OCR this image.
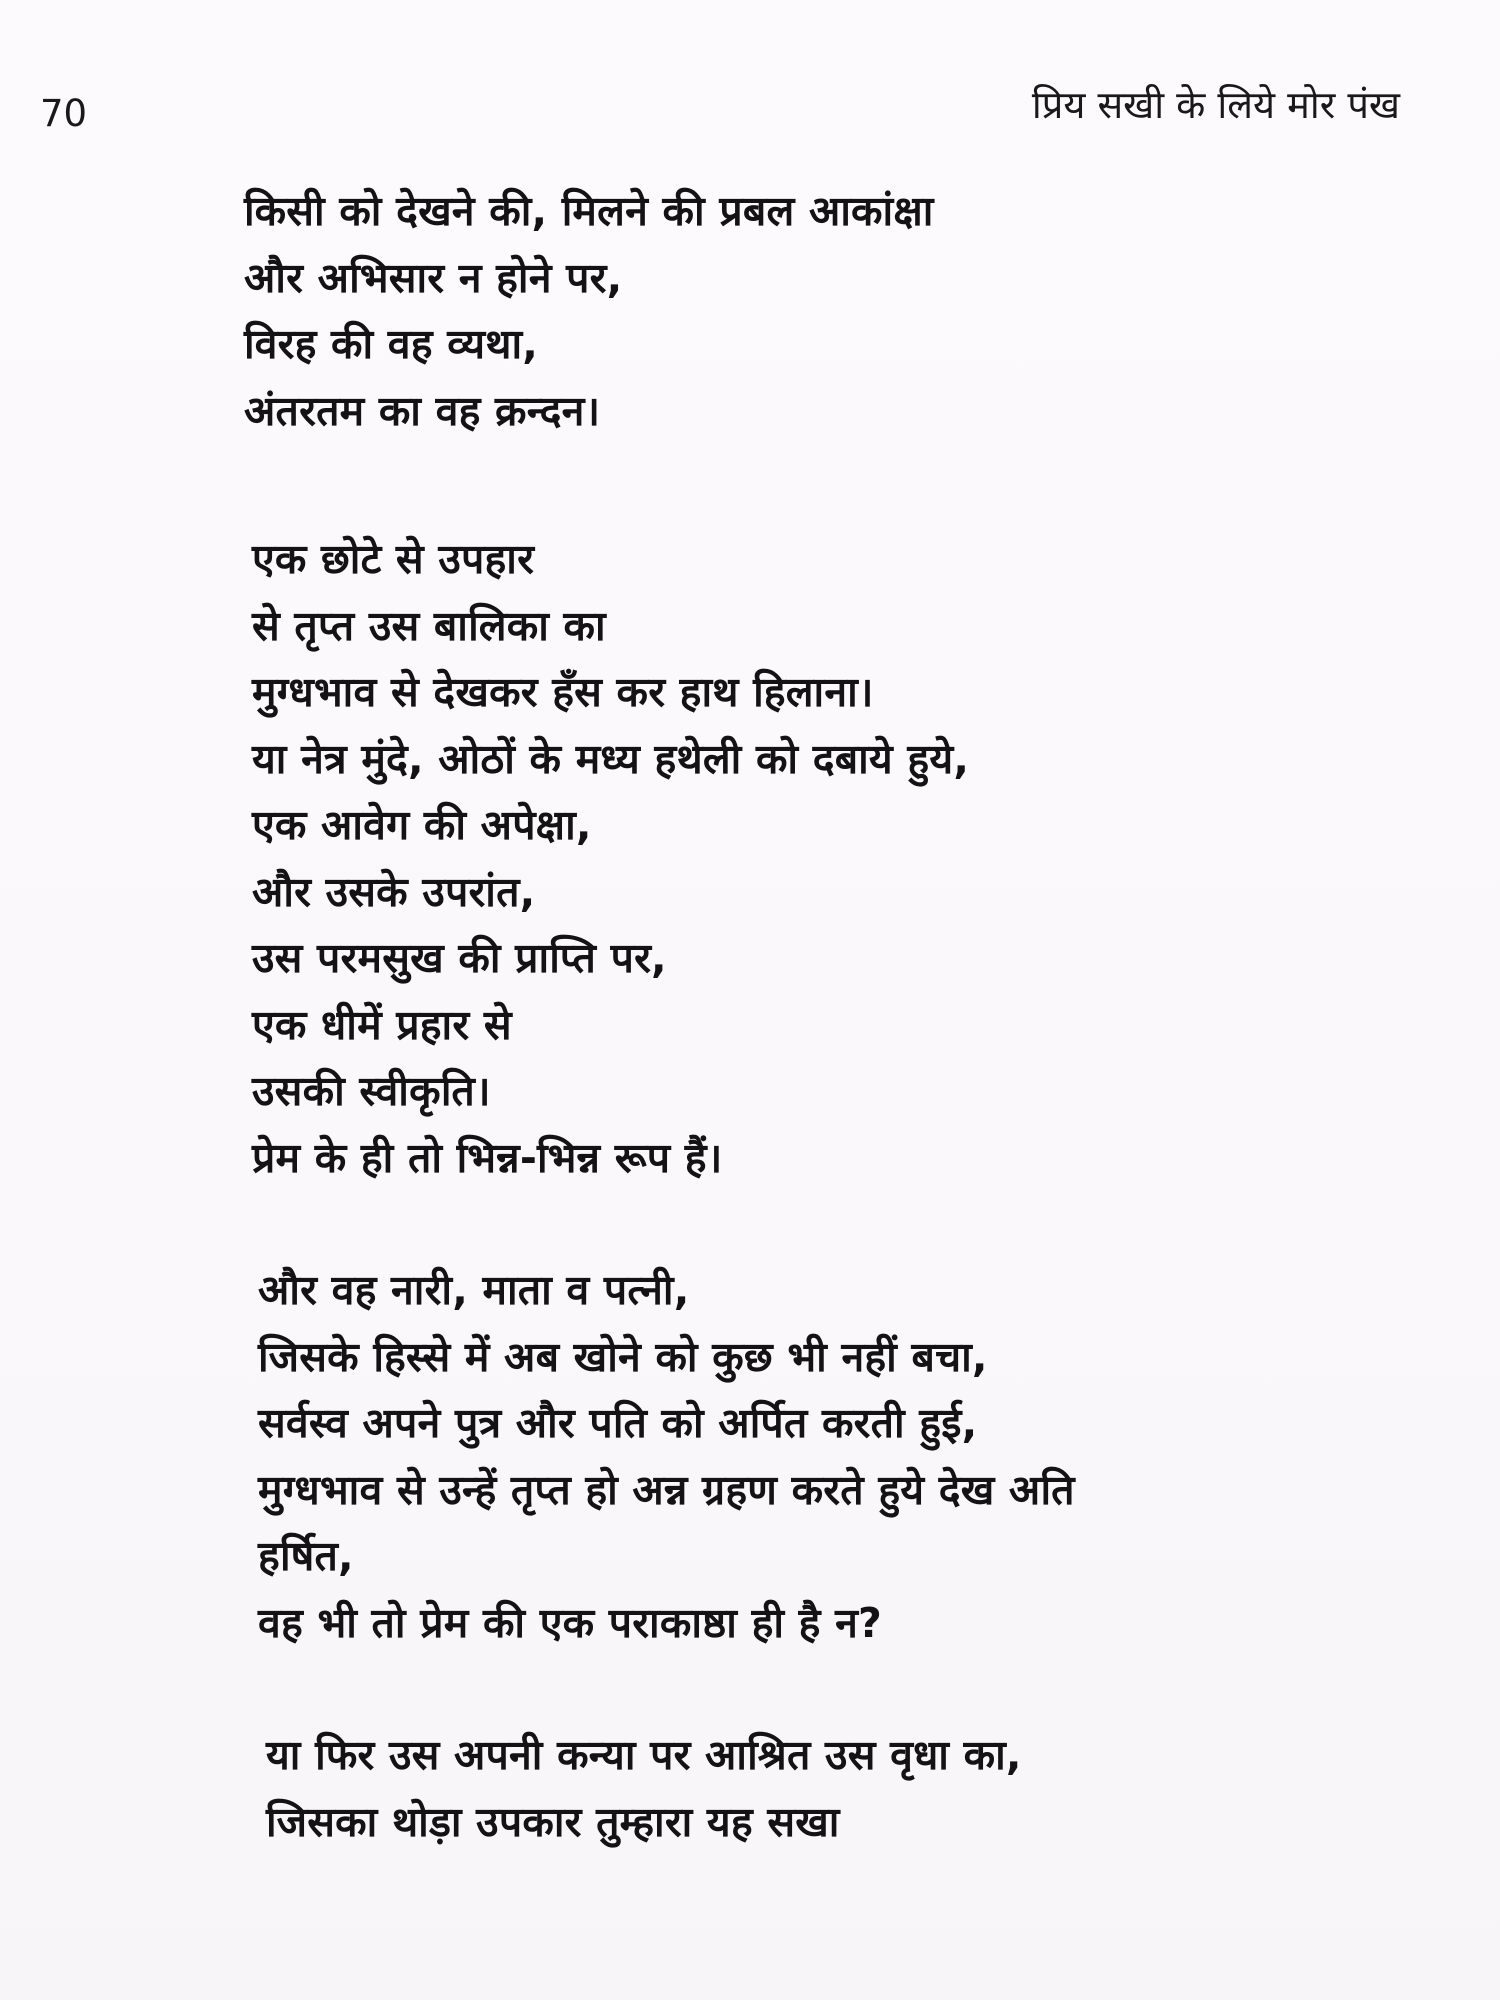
70	प्रिय सखी के लिये मोर पंख
किसी को देखने की, मिलने की प्रबल आकांक्षा
और अभिसार न होने पर,
विरह की वह व्यथा,
अंतरतम का वह क्रन्दन।
एक छोटे से उपहार
से तृप्त उस बालिका का
मुग्धभाव से देखकर हँस कर हाथ हिलाना।
या नेत्र मुंदे, ओठों के मध्य हथेली को दबाये हुये,
एक आवेग की अपेक्षा,
और उसके उपरांत,
उस परमसुख की प्राप्ति पर,
एक धीमें प्रहार से
उसकी स्वीकृति।
प्रेम के ही तो भिन्न-भिन्न रूप हैं।
और वह नारी, माता व पत्नी,
जिसके हिस्से में अब खोने को कुछ भी नहीं बचा,
सर्वस्व अपने पुत्र और पति को अर्पित करती हुई,
मुग्धभाव से उन्हें तृप्त हो अन्न ग्रहण करते हुये देख अति
हर्षित,
वह भी तो प्रेम की एक पराकाष्ठा ही है न?
या फिर उस अपनी कन्या पर आश्रित उस वृधा का,
जिसका थोड़ा उपकार तुम्हारा यह सखा
